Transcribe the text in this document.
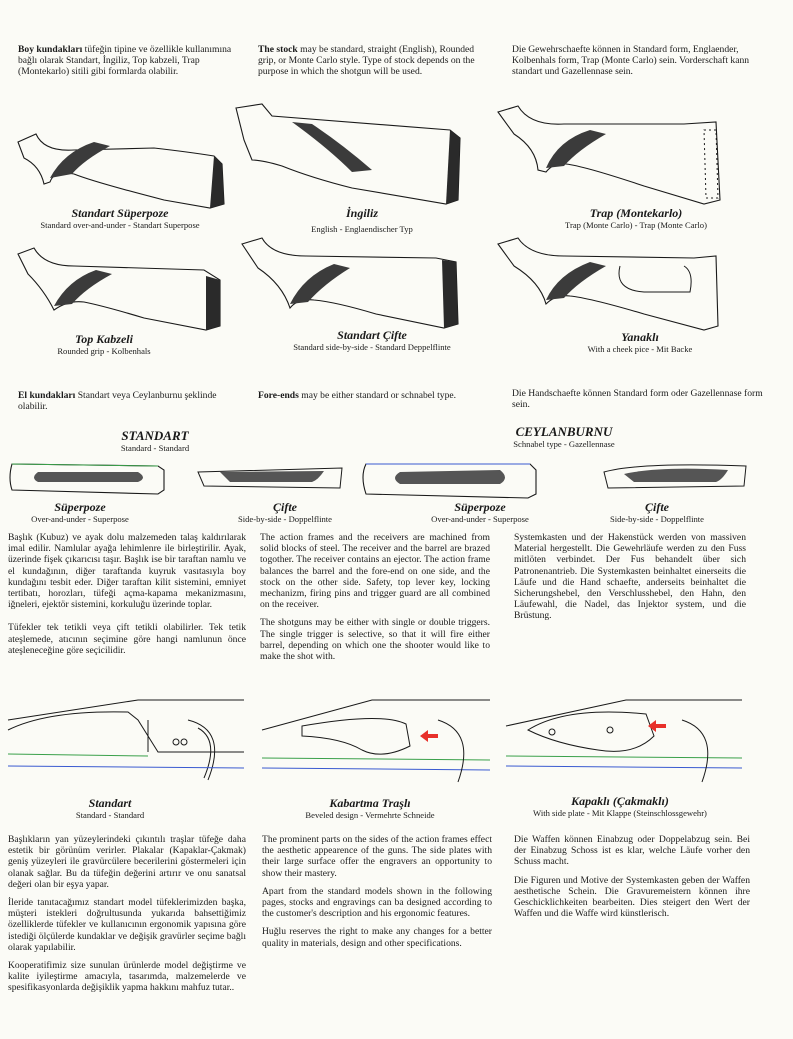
Boy kundakları tüfeğin tipine ve özellikle kullanımına bağlı olarak Standart, İngiliz, Top kabzeli, Trap (Montekarlo) sitili gibi formlarda olabilir.
The stock may be standard, straight (English), Rounded grip, or Monte Carlo style. Type of stock depends on the purpose in which the shotgun will be used.
Die Gewehrschaefte können in Standard form, Englaender, Kolbenhals form, Trap (Monte Carlo) sein. Vorderschaft kann standart und Gazellennase sein.
Standart Süperpoze
Standard over-and-under - Standart Superpose
İngiliz
English - Englaendischer Typ
Trap (Montekarlo)
Trap (Monte Carlo) - Trap (Monte Carlo)
Top Kabzeli
Rounded grip - Kolbenhals
Standart Çifte
Standard side-by-side - Standard Deppelflinte
Yanaklı
With a cheek pice - Mit Backe
El kundakları Standart veya Ceylanburnu şeklinde olabilir.
Fore-ends may be either standard or schnabel type.	Die Handschaefte können Standard form oder Gazellennase form sein.
STANDART
Standard - Standard
CEYLANBURNU
Schnabel type - Gazellennase
Süperpoze
Over-and-under - Superpose
Çifte
Side-by-side - Doppelflinte
Süperpoze
Over-and-under - Superpose
Çifte
Side-by-side - Doppelflinte

Başlık (Kubuz) ve ayak dolu malzemeden talaş kaldırılarak imal edilir. Namlular ayağa lehimlenre ile birleştirilir. Ayak, üzerinde fişek çıkarıcısı taşır. Başlık ise bir taraftan namlu ve el kundağının, diğer taraftanda kuyruk vasıtasıyla boy kundağını tesbit eder. Diğer taraftan kilit sistemini, emniyet tertibatı, horozları, tüfeği açma-kapama mekanizmasını, iğneleri, ejektör sistemini, korkuluğu üzerinde toplar.

Tüfekler tek tetikli veya çift tetikli olabilirler. Tek tetik ateşlemede, atıcının seçimine göre hangi namlunun önce ateşleneceğine göre seçicilidir.

The action frames and the receivers are machined from solid blocks of steel. The receiver and the barrel are brazed togother. The receiver contains an ejector. The action frame balances the barrel and the fore-end on one side, and the stock on the other side. Safety, top lever key, locking mechanizm, firing pins and trigger guard are all combined on the receiver.

The shotguns may be either with single or double triggers. The single trigger is selective, so that it will fire either barrel, depending on which one the shooter would like to make the shot with.

Systemkasten und der Hakenstück werden von massiven Material hergestellt. Die Gewehrläufe werden zu den Fuss mitlöten verbindet. Der Fus behandelt über sich Patronenantrieb. Die Systemkasten beinhaltet einerseits die Läufe und die Hand schaefte, anderseits beinhaltet die Sicherungshebel, den Verschlusshebel, den Hahn, den Läufewahl, die Nadel, das Injektor system, und die Brüstung.

Standart
Standard - Standard
Kabartma Traşlı
Beveled design - Vermehrte Schneide
Kapaklı (Çakmaklı)
With side plate - Mit Klappe (Steinschlossgewehr)

Başlıkların yan yüzeylerindeki çıkıntılı traşlar tüfeğe daha estetik bir görünüm verirler. Plakalar (Kapaklar-Çakmak) geniş yüzeyleri ile gravürcülere becerilerini göstermeleri için olanak sağlar. Bu da tüfeğin değerini artırır ve onu sanatsal değeri olan bir eşya yapar.

İleride tanıtacağımız standart model tüfeklerimizden başka, müşteri istekleri doğrultusunda yukarıda bahsettiğimiz özelliklerde tüfekler ve kullanıcının ergonomik yapısına göre istediği ölçülerde kundaklar ve değişik gravürler seçime bağlı olarak yapılabilir.

Kooperatifimiz size sunulan ürünlerde model değiştirme ve kalite iyileştirme amacıyla, tasarımda, malzemelerde ve spesifikasyonlarda değişiklik yapma hakkını mahfuz tutar..

The prominent parts on the sides of the action frames effect the aesthetic appearence of the guns. The side plates with their large surface offer the engravers an opportunity to show their mastery.

Apart from the standard models shown in the following pages, stocks and engravings can ba designed according to the customer's description and his ergonomic features.

Huğlu reserves the right to make any changes for a better quality in materials, design and other specifications.

Die Waffen können Einabzug oder Doppelabzug sein. Bei der Einabzug Schoss ist es klar, welche Läufe vorher den Schuss macht.

Die Figuren und Motive der Systemkasten geben der Waffen aesthetische Schein. Die Gravuremeistern können ihre Geschicklichkeiten bearbeiten. Dies steigert den Wert der Waffen und die Waffe wird künstlerisch.
